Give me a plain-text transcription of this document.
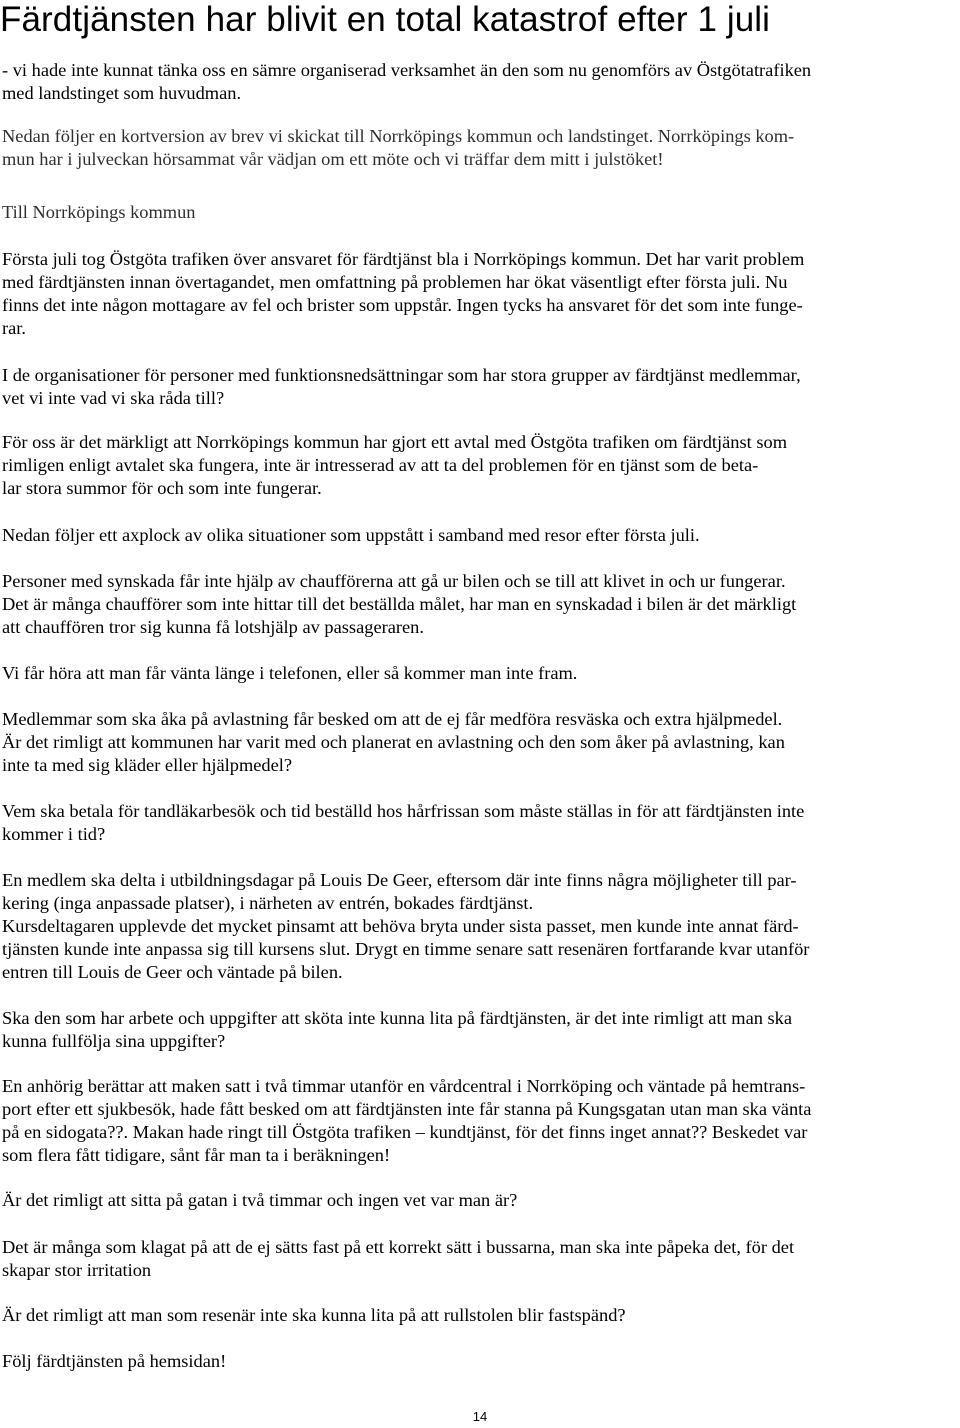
Färdtjänsten har blivit en total katastrof efter 1 juli

- vi hade inte kunnat tänka oss en sämre organiserad verksamhet än den som nu genomförs av Östgötatrafiken
med landstinget som huvudman.

Nedan följer en kortversion av brev vi skickat till Norrköpings kommun och landstinget. Norrköpings kom-
mun har i julveckan hörsammat vår vädjan om ett möte och vi träffar dem mitt i julstöket!

Till Norrköpings kommun

Första juli tog Östgöta trafiken över ansvaret för färdtjänst bla i Norrköpings kommun. Det har varit problem
med färdtjänsten innan övertagandet, men omfattning på problemen har ökat väsentligt efter första juli. Nu
finns det inte någon mottagare av fel och brister som uppstår. Ingen tycks ha ansvaret för det som inte funge-
rar.

I de organisationer för personer med funktionsnedsättningar som har stora grupper av färdtjänst medlemmar,
vet vi inte vad vi ska råda till?

För oss är det märkligt att Norrköpings kommun har gjort ett avtal med Östgöta trafiken om färdtjänst som
rimligen enligt avtalet ska fungera, inte är intresserad av att ta del problemen för en tjänst som de beta-
lar stora summor för och som inte fungerar.

Nedan följer ett axplock av olika situationer som uppstått i samband med resor efter första juli.

Personer med synskada får inte hjälp av chaufförerna att gå ur bilen och se till att klivet in och ur fungerar.
Det är många chaufförer som inte hittar till det beställda målet, har man en synskadad i bilen är det märkligt
att chauffören tror sig kunna få lotshjälp av passageraren.

Vi får höra att man får vänta länge i telefonen, eller så kommer man inte fram.

Medlemmar som ska åka på avlastning får besked om att de ej får medföra resväska och extra hjälpmedel.
Är det rimligt att kommunen har varit med och planerat en avlastning och den som åker på avlastning, kan
inte ta med sig kläder eller hjälpmedel?

Vem ska betala för tandläkarbesök och tid beställd hos hårfrissan som måste ställas in för att färdtjänsten inte
kommer i tid?

En medlem ska delta i utbildningsdagar på Louis De Geer, eftersom där inte finns några möjligheter till par-
kering (inga anpassade platser), i närheten av entrén, bokades färdtjänst.
Kursdeltagaren upplevde det mycket pinsamt att behöva bryta under sista passet, men kunde inte annat färd-
tjänsten kunde inte anpassa sig till kursens slut. Drygt en timme senare satt resenären fortfarande kvar utanför
entren till Louis de Geer och väntade på bilen.

Ska den som har arbete och uppgifter att sköta inte kunna lita på färdtjänsten, är det inte rimligt att man ska
kunna fullfölja sina uppgifter?

En anhörig berättar att maken satt i två timmar utanför en vårdcentral i Norrköping och väntade på hemtrans-
port efter ett sjukbesök, hade fått besked om att färdtjänsten inte får stanna på Kungsgatan utan man ska vänta
på en sidogata??. Makan hade ringt till Östgöta trafiken – kundtjänst, för det finns inget annat?? Beskedet var
som flera fått tidigare, sånt får man ta i beräkningen!

Är det rimligt att sitta på gatan i två timmar och ingen vet var man är?

Det är många som klagat på att de ej sätts fast på ett korrekt sätt i bussarna, man ska inte påpeka det, för det
skapar stor irritation

Är det rimligt att man som resenär inte ska kunna lita på att rullstolen blir fastspänd?

Följ färdtjänsten på hemsidan!

14
